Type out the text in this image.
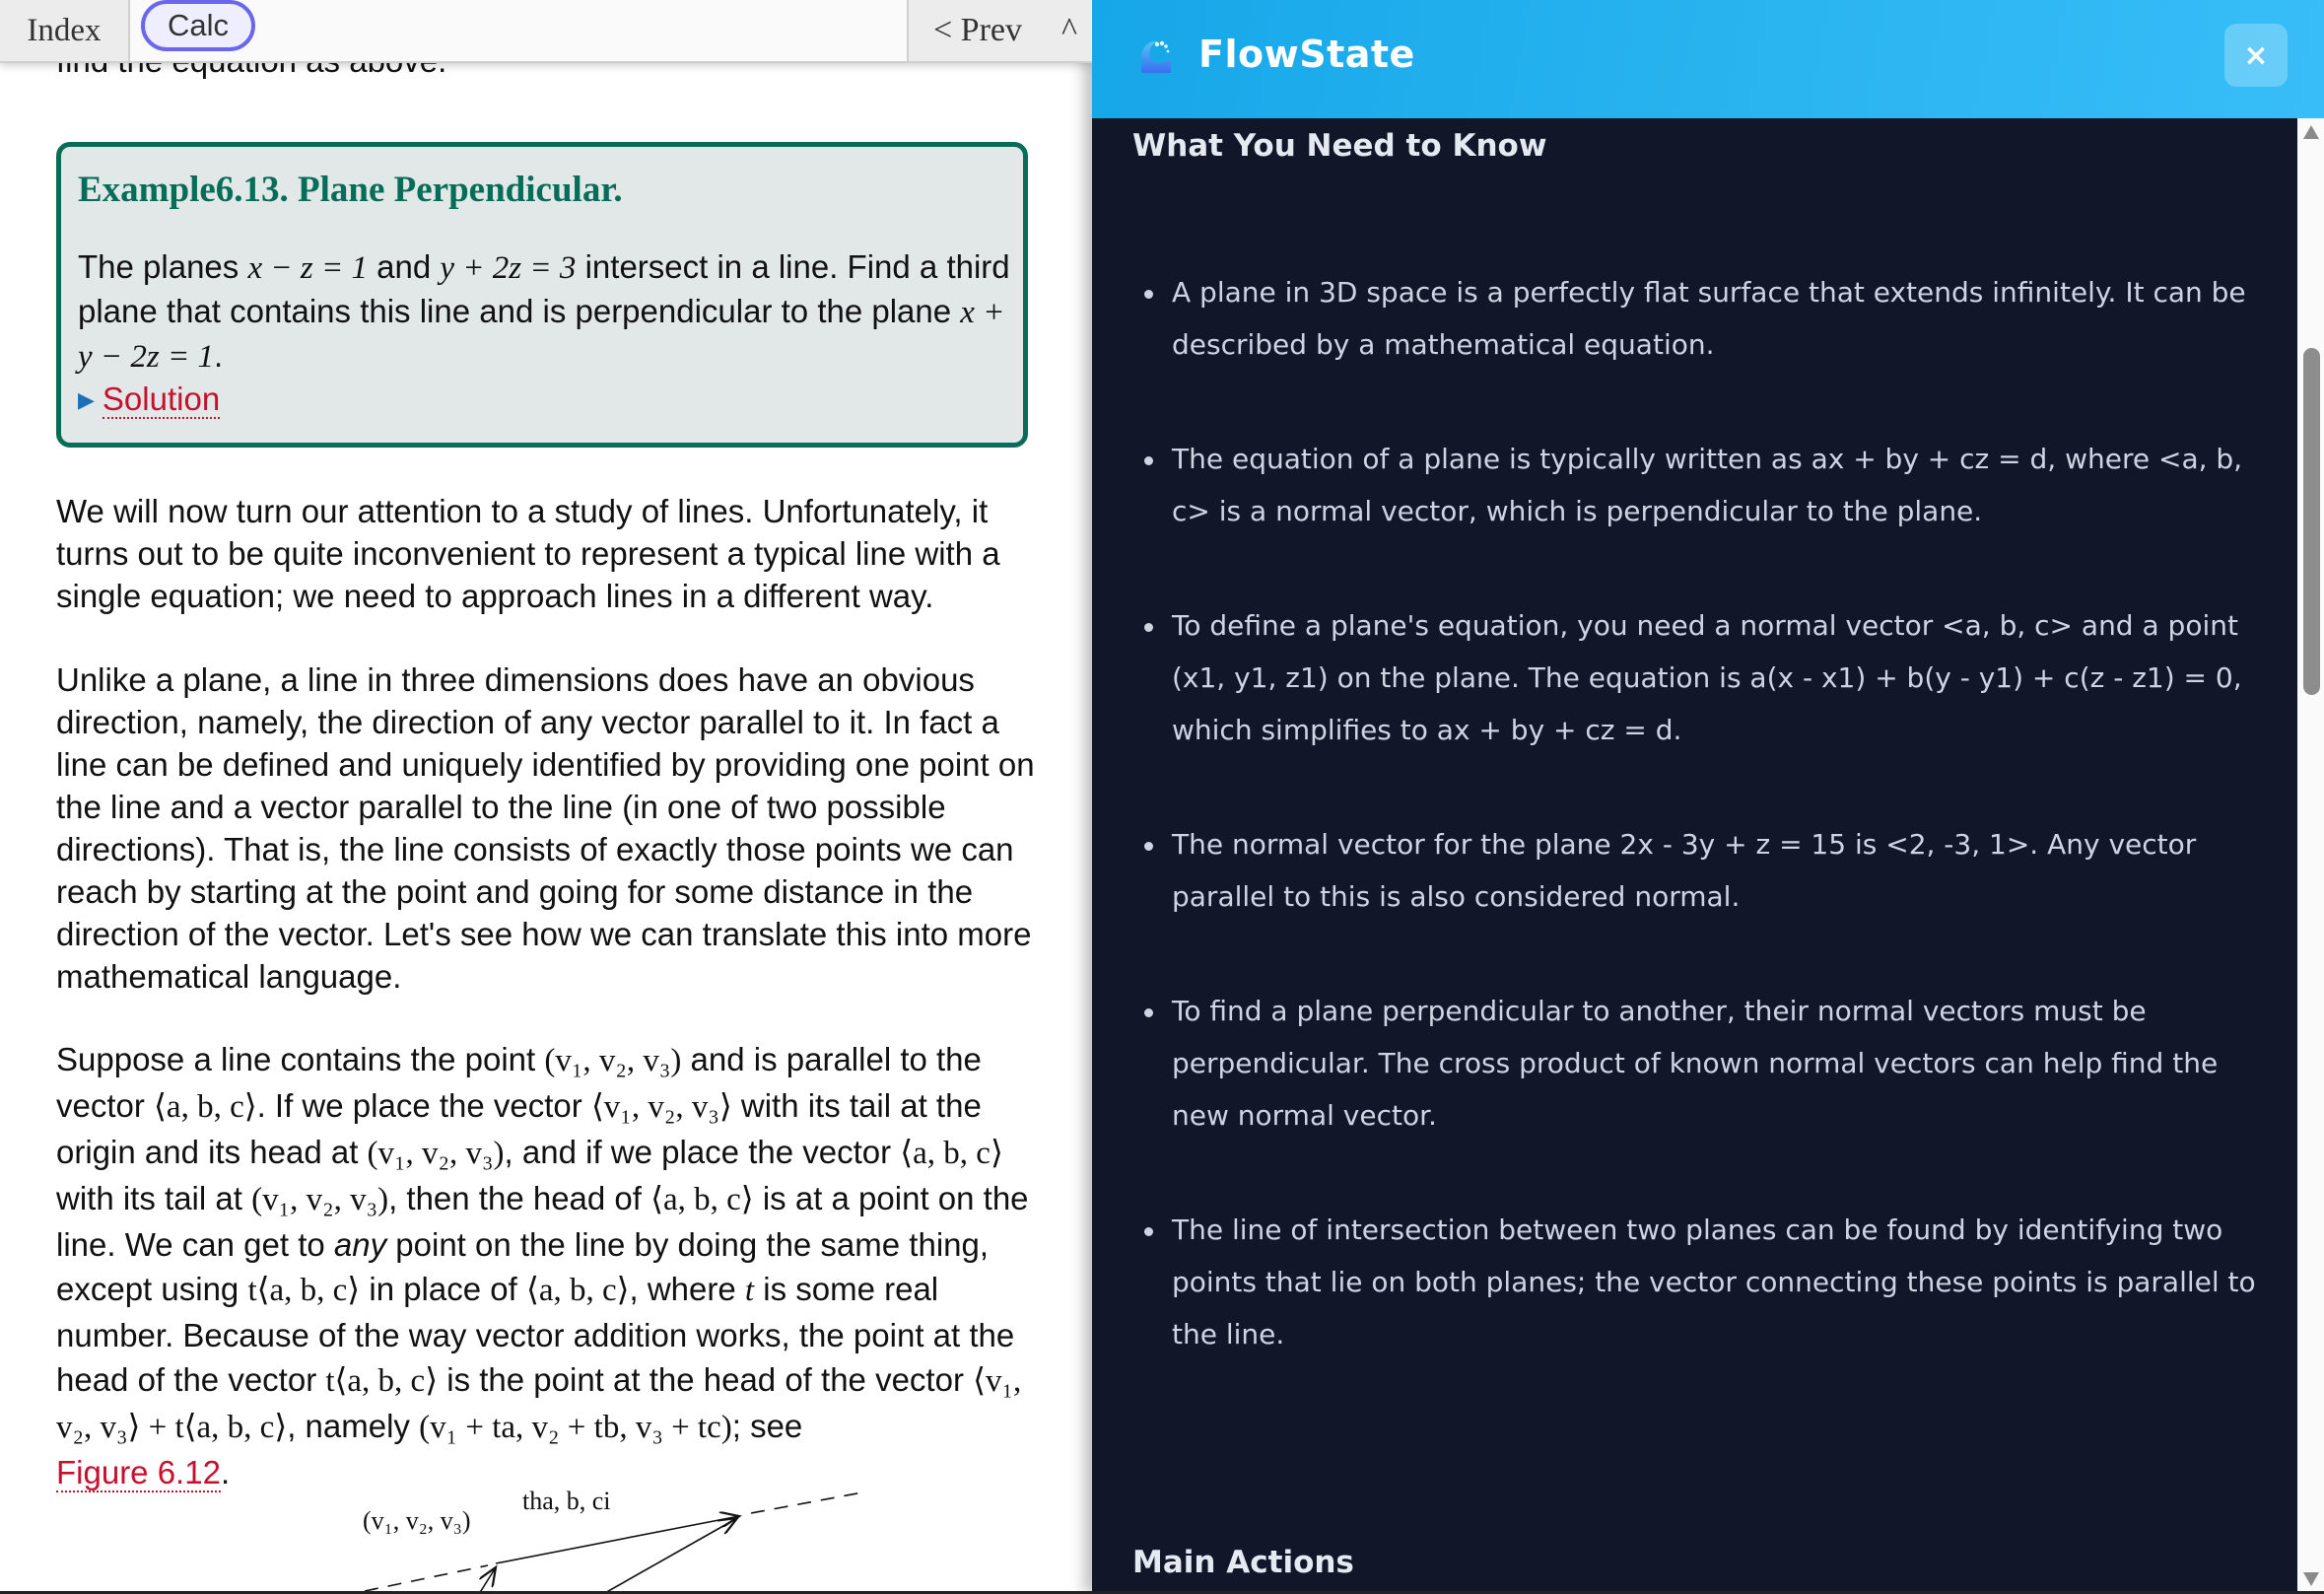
Index	Calc	< Prev	^
Example6.13. Plane Perpendicular.
The planes x − z = 1 and y + 2z = 3 intersect in a line. Find a third plane that contains this line and is perpendicular to the plane x + y − 2z = 1.
▶ Solution
We will now turn our attention to a study of lines. Unfortunately, it turns out to be quite inconvenient to represent a typical line with a single equation; we need to approach lines in a different way.
Unlike a plane, a line in three dimensions does have an obvious direction, namely, the direction of any vector parallel to it. In fact a line can be defined and uniquely identified by providing one point on the line and a vector parallel to the line (in one of two possible directions). That is, the line consists of exactly those points we can reach by starting at the point and going for some distance in the direction of the vector. Let's see how we can translate this into more mathematical language.
Suppose a line contains the point (v₁, v₂, v₃) and is parallel to the vector ⟨a, b, c⟩. If we place the vector ⟨v₁, v₂, v₃⟩ with its tail at the origin and its head at (v₁, v₂, v₃), and if we place the vector ⟨a, b, c⟩ with its tail at (v₁, v₂, v₃), then the head of ⟨a, b, c⟩ is at a point on the line. We can get to any point on the line by doing the same thing, except using t⟨a, b, c⟩ in place of ⟨a, b, c⟩, where t is some real number. Because of the way vector addition works, the point at the head of the vector t⟨a, b, c⟩ is the point at the head of the vector ⟨v₁, v₂, v₃⟩ + t⟨a, b, c⟩, namely (v₁ + ta, v₂ + tb, v₃ + tc); see
Figure 6.12.
tha, b, ci
(v₁, v₂, v₃)
FlowState	×
What You Need to Know
A plane in 3D space is a perfectly flat surface that extends infinitely. It can be described by a mathematical equation.
The equation of a plane is typically written as ax + by + cz = d, where <a, b, c> is a normal vector, which is perpendicular to the plane.
To define a plane's equation, you need a normal vector <a, b, c> and a point (x1, y1, z1) on the plane. The equation is a(x - x1) + b(y - y1) + c(z - z1) = 0, which simplifies to ax + by + cz = d.
The normal vector for the plane 2x - 3y + z = 15 is <2, -3, 1>. Any vector parallel to this is also considered normal.
To find a plane perpendicular to another, their normal vectors must be perpendicular. The cross product of known normal vectors can help find the new normal vector.
The line of intersection between two planes can be found by identifying two points that lie on both planes; the vector connecting these points is parallel to the line.
Main Actions
